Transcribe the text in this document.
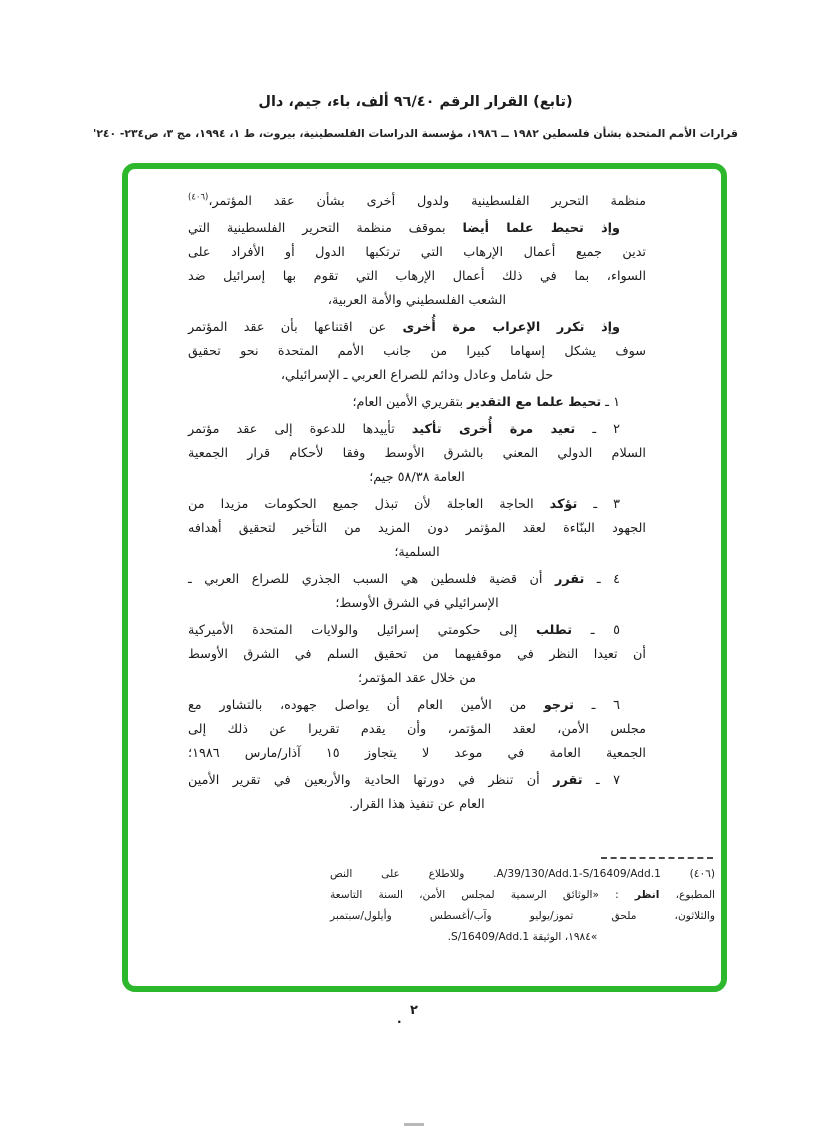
(تابع) القرار الرقم ٩٦/٤٠ ألف، باء، جيم، دال
قرارات الأمم المتحدة بشأن فلسطين ١٩٨٢ ــ ١٩٨٦، مؤسسة الدراسات الفلسطينية، بيروت، ط ١، ١٩٩٤، مج ٣، ص٢٣٤- ٢٤٠'
منظمة التحرير الفلسطينية ولدول أخرى بشأن عقد المؤتمر،$^{(٤٠٦)}$
وإذ تحيط علما أيضا بموقف منظمة التحرير الفلسطينية التي
تدين جميع أعمال الإرهاب التي ترتكبها الدول أو الأفراد على
السواء، بما في ذلك أعمال الإرهاب التي تقوم بها إسرائيل ضد
الشعب الفلسطيني والأمة العربية،
وإذ تكرر الإعراب مرة أُخرى عن اقتناعها بأن عقد المؤتمر
سوف يشكل إسهاما كبيرا من جانب الأمم المتحدة نحو تحقيق
حل شامل وعادل ودائم للصراع العربي ـ الإسرائيلي،
١ ـ تحيط علما مع التقدير بتقريري الأمين العام؛
٢ ـ تعيد مرة أُخرى تأكيد تأييدها للدعوة إلى عقد مؤتمر
السلام الدولي المعني بالشرق الأوسط وفقا لأحكام قرار الجمعية
العامة ٥٨/٣٨ جيم؛
٣ ـ تؤكد الحاجة العاجلة لأن تبذل جميع الحكومات مزيدا من
الجهود البنّاءة لعقد المؤتمر دون المزيد من التأخير لتحقيق أهدافه
السلمية؛
٤ ـ تقرر أن قضية فلسطين هي السبب الجذري للصراع العربي ـ
الإسرائيلي في الشرق الأوسط؛
٥ ـ تطلب إلى حكومتي إسرائيل والولايات المتحدة الأميركية
أن تعيدا النظر في موقفيهما من تحقيق السلم في الشرق الأوسط
من خلال عقد المؤتمر؛
٦ ـ ترجو من الأمين العام أن يواصل جهوده، بالتشاور مع
مجلس الأمن، لعقد المؤتمر، وأن يقدم تقريرا عن ذلك إلى
الجمعية العامة في موعد لا يتجاوز ١٥ آذار/مارس ١٩٨٦؛
٧ ـ تقرر أن تنظر في دورتها الحادية والأربعين في تقرير الأمين
العام عن تنفيذ هذا القرار.
(٤٠٦) A/39/130/Add.1-S/16409/Add.1. وللاطلاع على النص
المطبوع، انظر : «الوثائق الرسمية لمجلس الأمن، السنة التاسعة
والثلاثون، ملحق تموز/يوليو وآب/أغسطس وأيلول/سبتمبر
»١٩٨٤، الوثيقة S/16409/Add.1.
٢
.
